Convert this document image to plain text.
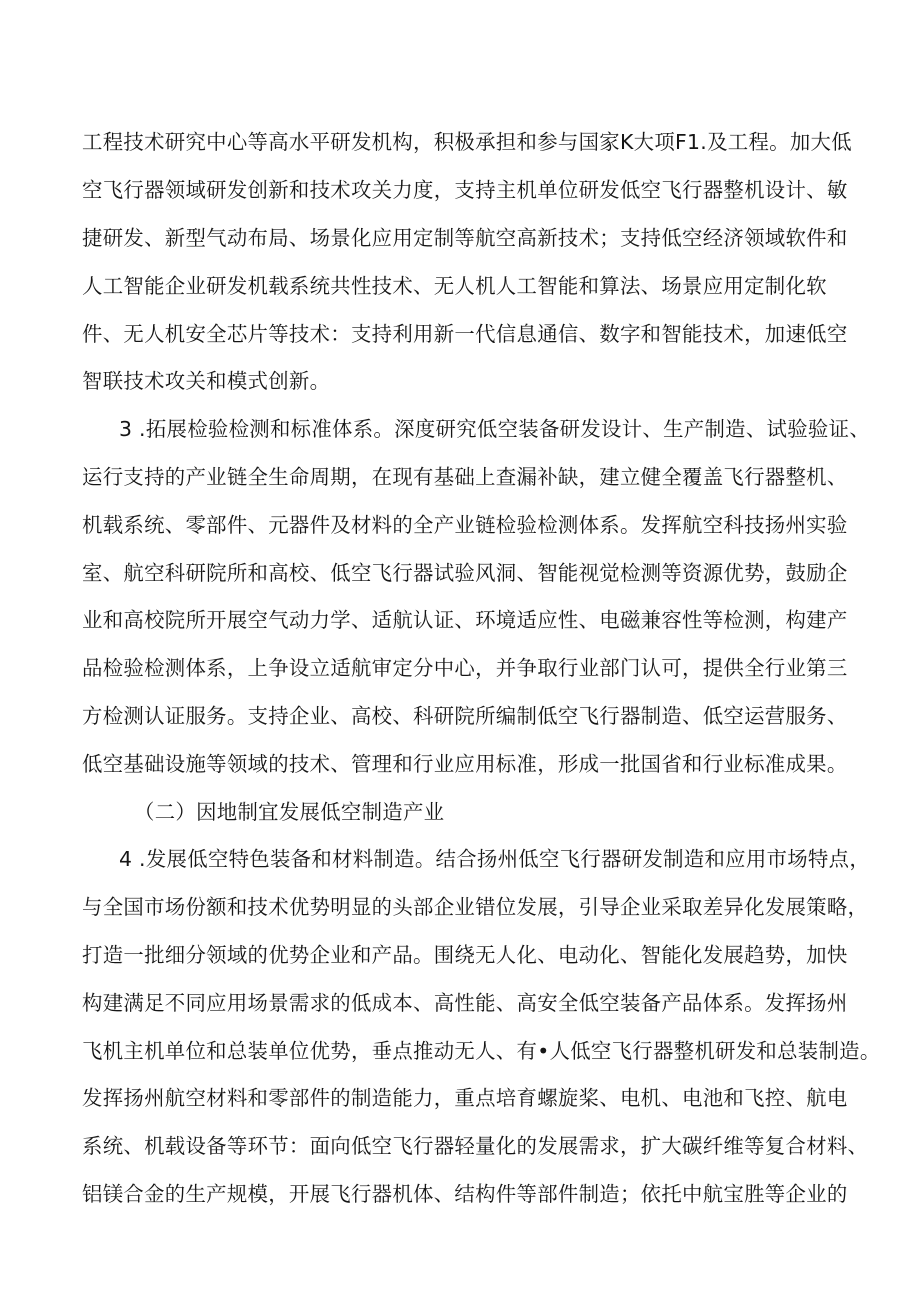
工程技术研究中心等高水平研发机构，积极承担和参与国家K大项F1.及工程。加大低

空飞行器领域研发创新和技术攻关力度，支持主机单位研发低空飞行器整机设计、敏

捷研发、新型气动布局、场景化应用定制等航空高新技术；支持低空经济领域软件和

人工智能企业研发机载系统共性技术、无人机人工智能和算法、场景应用定制化软

件、无人机安全芯片等技术：支持利用新一代信息通信、数字和智能技术，加速低空

智联技术攻关和模式创新。

3 .拓展检验检测和标准体系。深度研究低空装备研发设计、生产制造、试验验证、

运行支持的产业链全生命周期，在现有基础上查漏补缺，建立健全覆盖飞行器整机、

机载系统、零部件、元器件及材料的全产业链检验检测体系。发挥航空科技扬州实验

室、航空科研院所和高校、低空飞行器试验风洞、智能视觉检测等资源优势，鼓励企

业和高校院所开展空气动力学、适航认证、环境适应性、电磁兼容性等检测，构建产

品检验检测体系，上争设立适航审定分中心，并争取行业部门认可，提供全行业第三

方检测认证服务。支持企业、高校、科研院所编制低空飞行器制造、低空运营服务、

低空基础设施等领域的技术、管理和行业应用标准，形成一批国省和行业标准成果。

（二）因地制宜发展低空制造产业

4 .发展低空特色装备和材料制造。结合扬州低空飞行器研发制造和应用市场特点，

与全国市场份额和技术优势明显的头部企业错位发展，引导企业采取差异化发展策略，

打造一批细分领域的优势企业和产品。围绕无人化、电动化、智能化发展趋势，加快

构建满足不同应用场景需求的低成本、高性能、高安全低空装备产品体系。发挥扬州

飞机主机单位和总装单位优势，垂点推动无人、有•人低空飞行器整机研发和总装制造。

发挥扬州航空材料和零部件的制造能力，重点培育螺旋桨、电机、电池和飞控、航电

系统、机载设备等环节：面向低空飞行器轻量化的发展需求，扩大碳纤维等复合材料、

铝镁合金的生产规模，开展飞行器机体、结构件等部件制造；依托中航宝胜等企业的
